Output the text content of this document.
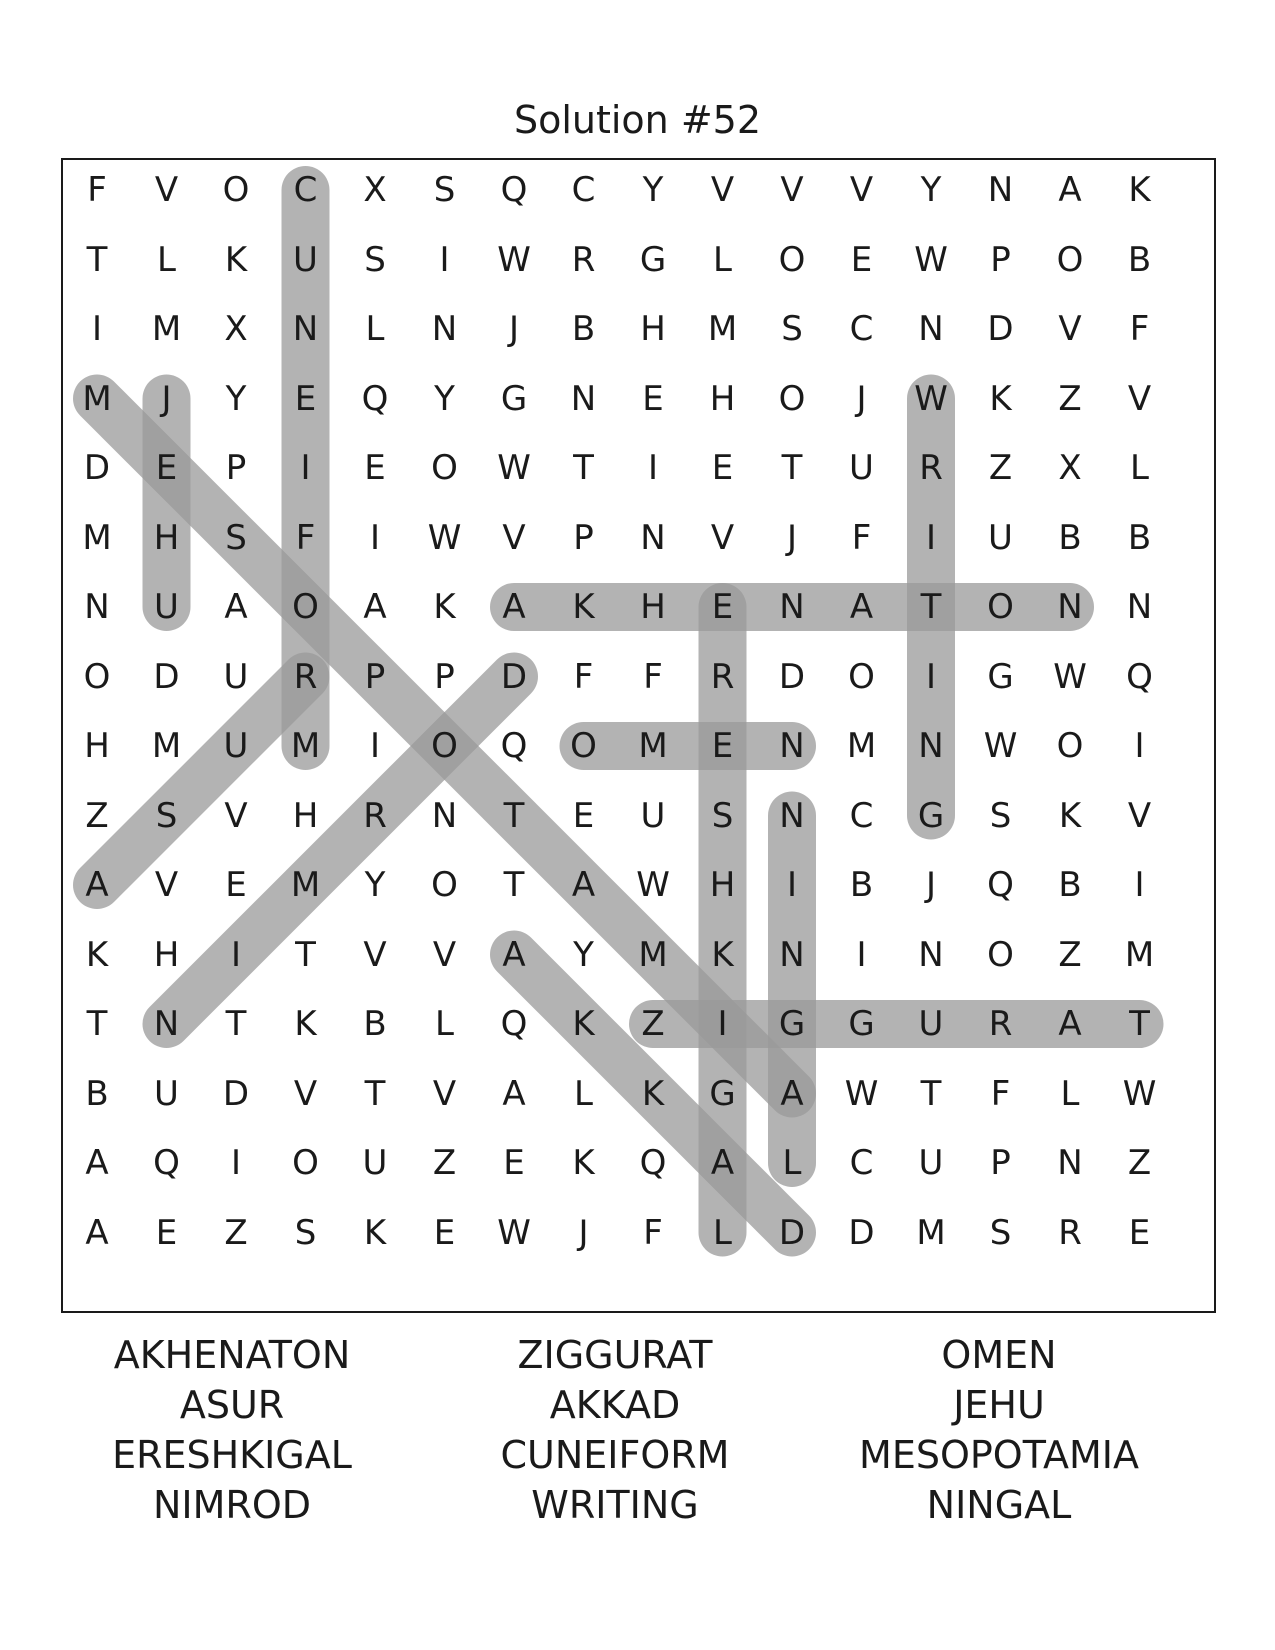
Solution #52
F	V	O	C	X	S	Q	C	Y	V	V	V	Y	N	A	K
T	L	K	U	S	I	W	R	G	L	O	E	W	P	O	B
I	M	X	N	L	N	J	B	H	M	S	C	N	D	V	F
M	J	Y	E	Q	Y	G	N	E	H	O	J	W	K	Z	V
D	E	P	I	E	O	W	T	I	E	T	U	R	Z	X	L
M	H	S	F	I	W	V	P	N	V	J	F	I	U	B	B
N	U	A	O	A	K	A	K	H	E	N	A	T	O	N	N
O	D	U	R	P	P	D	F	F	R	D	O	I	G	W	Q
H	M	U	M	I	O	Q	O	M	E	N	M	N	W	O	I
Z	S	V	H	R	N	T	E	U	S	N	C	G	S	K	V
A	V	E	M	Y	O	T	A	W	H	I	B	J	Q	B	I
K	H	I	T	V	V	A	Y	M	K	N	I	N	O	Z	M
T	N	T	K	B	L	Q	K	Z	I	G	G	U	R	A	T
B	U	D	V	T	V	A	L	K	G	A	W	T	F	L	W
A	Q	I	O	U	Z	E	K	Q	A	L	C	U	P	N	Z
A	E	Z	S	K	E	W	J	F	L	D	D	M	S	R	E
AKHENATON
ASUR
ERESHKIGAL
NIMROD
ZIGGURAT
AKKAD
CUNEIFORM
WRITING
OMEN
JEHU
MESOPOTAMIA
NINGAL
